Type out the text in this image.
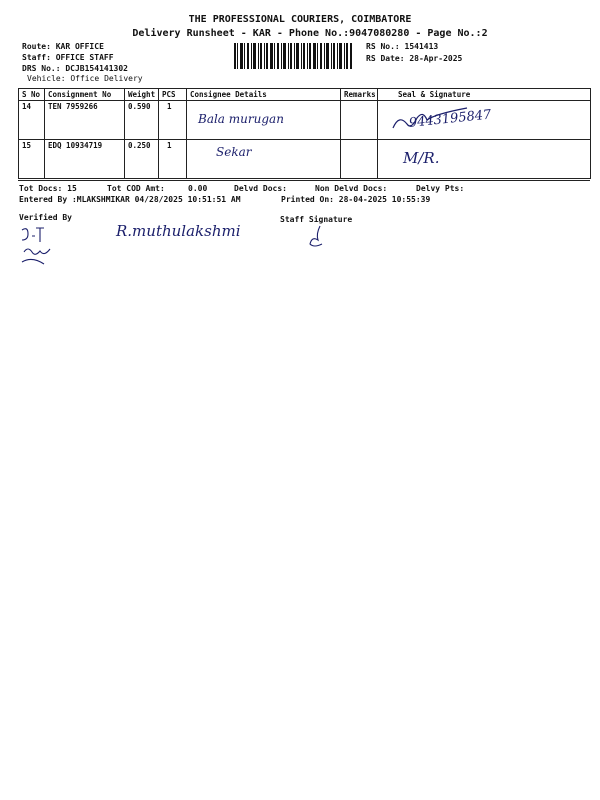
THE PROFESSIONAL COURIERS, COIMBATORE
Delivery Runsheet - KAR - Phone No.:9047080280 - Page No.:2
Route: KAR OFFICE
Staff: OFFICE STAFF
DRS No.: DCJB154141302
Vehicle: Office Delivery
RS No.: 1541413
RS Date: 28-Apr-2025
S No	Consignment No	Weight	PCS	Consignee Details	Remarks	Seal & Signature
14	TEN 7959266	0.590	1	Bala murugan		9443195847

15	EDQ 10934719	0.250	1	Sekar		M/R.
Tot Docs: 15	Tot COD Amt:	0.00	Delvd Docs:	Non Delvd Docs:	Delvy Pts:
Entered By :MLAKSHMIKAR 04/28/2025 10:51:51 AM	Printed On: 28-04-2025 10:55:39
Verified By	Staff Signature
R.muthulakshmi
